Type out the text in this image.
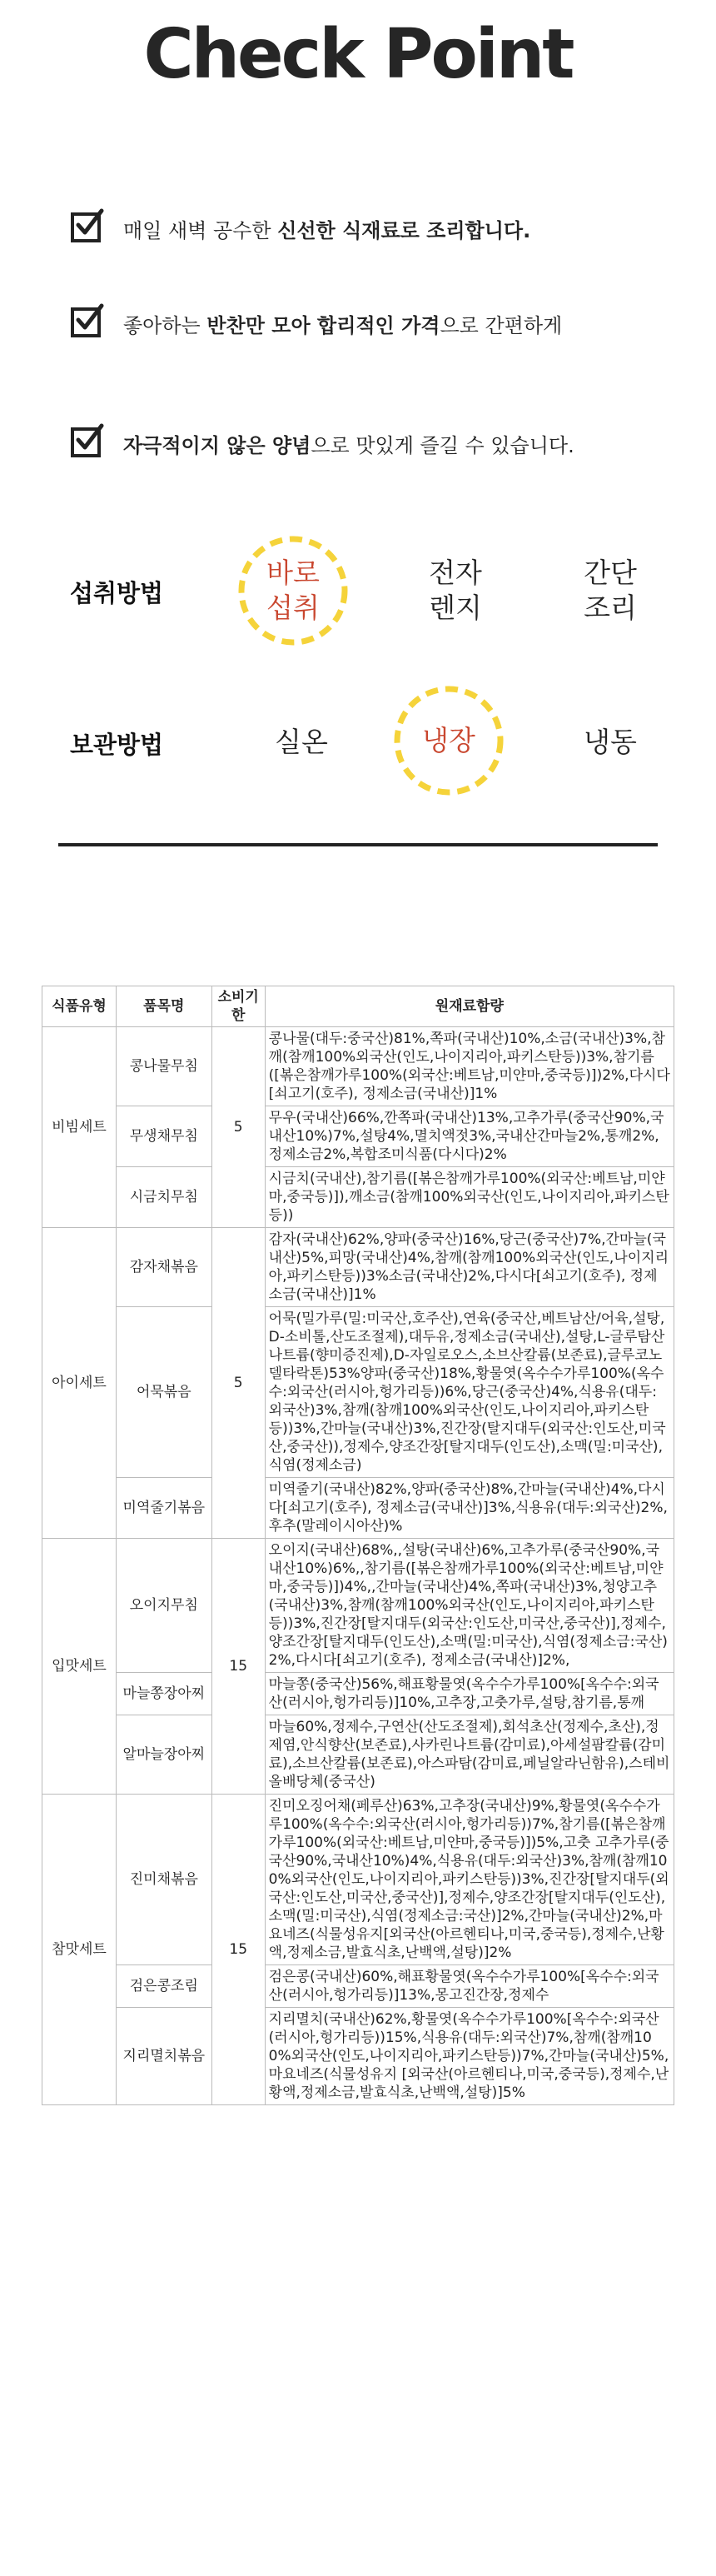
Check Point
매일 새벽 공수한 신선한 식재료로 조리합니다.
좋아하는 반찬만 모아 합리적인 가격으로 간편하게
자극적이지 않은 양념으로 맛있게 즐길 수 있습니다.
섭취방법
바로
섭취
전자
렌지
간단
조리
보관방법	실온	냉장	냉동
식품유형	품목명	소비기한	원재료함량
비빔세트	콩나물무침	5	콩나물(대두:중국산)81%,쪽파(국내산)10%,소금(국내산)3%,참깨(참깨100%외국산(인도,나이지리아,파키스탄등))3%,참기름([볶은참깨가루100%(외국산:베트남,미얀마,중국등)])2%,다시다[쇠고기(호주), 정제소금(국내산)]1%
	무생채무침		무우(국내산)66%,깐쪽파(국내산)13%,고추가루(중국산90%,국내산10%)7%,설탕4%,멸치액젓3%,국내산간마늘2%,통깨2%,정제소금2%,복합조미식품(다시다)2%
	시금치무침		시금치(국내산),참기름([볶은참깨가루100%(외국산:베트남,미얀마,중국등)]),깨소금(참깨100%외국산(인도,나이지리아,파키스탄등))
아이세트	감자채볶음	5	감자(국내산)62%,양파(중국산)16%,당근(중국산)7%,간마늘(국내산)5%,피망(국내산)4%,참깨(참깨100%외국산(인도,나이지리아,파키스탄등))3%소금(국내산)2%,다시다[쇠고기(호주), 정제소금(국내산)]1%
	어묵볶음		어묵(밀가루(밀:미국산,호주산),연육(중국산,베트남산/어육,설탕,D-소비톨,산도조절제),대두유,정제소금(국내산),설탕,L-글루탐산나트륨(향미증진제),D-자일로오스,소브산칼륨(보존료),글루코노델타락톤)53%양파(중국산)18%,황물엿(옥수수가루100%(옥수수:외국산(러시아,헝가리등))6%,당근(중국산)4%,식용유(대두:외국산)3%,참깨(참깨100%외국산(인도,나이지리아,파키스탄등))3%,간마늘(국내산)3%,진간장(탈지대두(외국산:인도산,미국산,중국산)),정제수,양조간장[탈지대두(인도산),소맥(밀:미국산),식염(정제소금)
	미역줄기볶음		미역줄기(국내산)82%,양파(중국산)8%,간마늘(국내산)4%,다시다[쇠고기(호주), 정제소금(국내산)]3%,식용유(대두:외국산)2%,후추(말레이시아산)%
입맛세트	오이지무침	15	오이지(국내산)68%,,설탕(국내산)6%,고추가루(중국산90%,국내산10%)6%,,참기름([볶은참깨가루100%(외국산:베트남,미얀마,중국등)])4%,,간마늘(국내산)4%,쪽파(국내산)3%,청양고추(국내산)3%,참깨(참깨100%외국산(인도,나이지리아,파키스탄등))3%,진간장[탈지대두(외국산:인도산,미국산,중국산)],정제수,양조간장[탈지대두(인도산),소맥(밀:미국산),식염(정제소금:국산)2%,다시다[쇠고기(호주), 정제소금(국내산)]2%,
	마늘쫑장아찌		마늘쫑(중국산)56%,해표황물엿(옥수수가루100%[옥수수:외국산(러시아,헝가리등)]10%,고추장,고춧가루,설탕,참기름,통깨
	알마늘장아찌		마늘60%,정제수,구연산(산도조절제),회석초산(정제수,초산),정제염,안식향산(보존료),사카린나트륨(감미료),아세설팜칼륨(감미료),소브산칼륨(보존료),아스파탐(감미료,페닐알라닌함유),스테비올배당체(중국산)
참맛세트	진미채볶음	15	진미오징어채(페루산)63%,고추장(국내산)9%,황물엿(옥수수가루100%(옥수수:외국산(러시아,헝가리등))7%,참기름([볶은참깨가루100%(외국산:베트남,미얀마,중국등)])5%,고춧 고추가루(중국산90%,국내산10%)4%,식용유(대두:외국산)3%,참깨(참깨100%외국산(인도,나이지리아,파키스탄등))3%,진간장[탈지대두(외국산:인도산,미국산,중국산)],정제수,양조간장[탈지대두(인도산),소맥(밀:미국산),식염(정제소금:국산)]2%,간마늘(국내산)2%,마요네즈(식물성유지[외국산(아르헨티나,미국,중국등),정제수,난황액,정제소금,발효식초,난백액,설탕)]2%
	검은콩조림		검은콩(국내산)60%,해표황물엿(옥수수가루100%[옥수수:외국산(러시아,헝가리등)]13%,몽고진간장,정제수
	지리멸치볶음		지리멸치(국내산)62%,황물엿(옥수수가루100%[옥수수:외국산(러시아,헝가리등))15%,식용유(대두:외국산)7%,참깨(참깨100%외국산(인도,나이지리아,파키스탄등))7%,간마늘(국내산)5%,마요네즈(식물성유지 [외국산(아르헨티나,미국,중국등),정제수,난황액,정제소금,발효식초,난백액,설탕)]5%
